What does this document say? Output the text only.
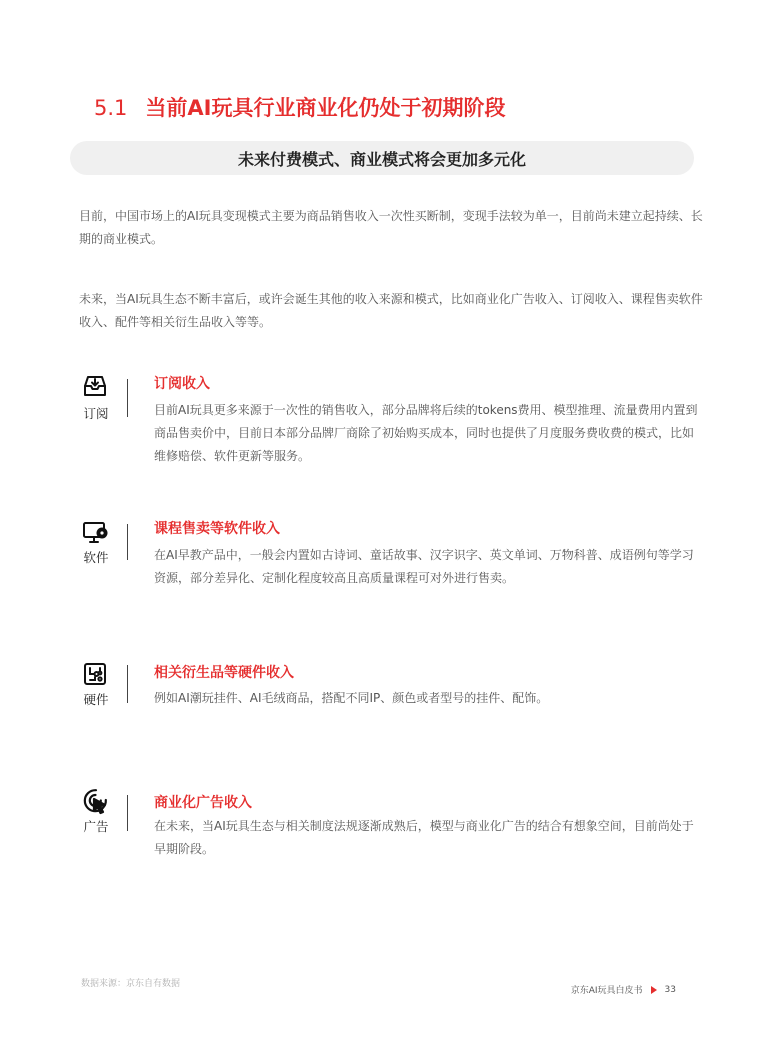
5.1 当前AI玩具行业商业化仍处于初期阶段
未来付费模式、商业模式将会更加多元化

目前，中国市场上的AI玩具变现模式主要为商品销售收入一次性买断制，变现手法较为单一，目前尚未建立起持续、长期的商业模式。

未来，当AI玩具生态不断丰富后，或许会诞生其他的收入来源和模式，比如商业化广告收入、订阅收入、课程售卖软件收入、配件等相关衍生品收入等等。

订阅
订阅收入

目前AI玩具更多来源于一次性的销售收入，部分品牌将后续的tokens费用、模型推理、流量费用内置到商品售卖价中，目前日本部分品牌厂商除了初始购买成本，同时也提供了月度服务费收费的模式，比如维修赔偿、软件更新等服务。

软件
课程售卖等软件收入

在AI早教产品中，一般会内置如古诗词、童话故事、汉字识字、英文单词、万物科普、成语例句等学习资源，部分差异化、定制化程度较高且高质量课程可对外进行售卖。

硬件
相关衍生品等硬件收入

例如AI潮玩挂件、AI毛绒商品，搭配不同IP、颜色或者型号的挂件、配饰。

广告
商业化广告收入

在未来，当AI玩具生态与相关制度法规逐渐成熟后，模型与商业化广告的结合有想象空间，目前尚处于早期阶段。

数据来源：京东自有数据
京东AI玩具白皮书 33
